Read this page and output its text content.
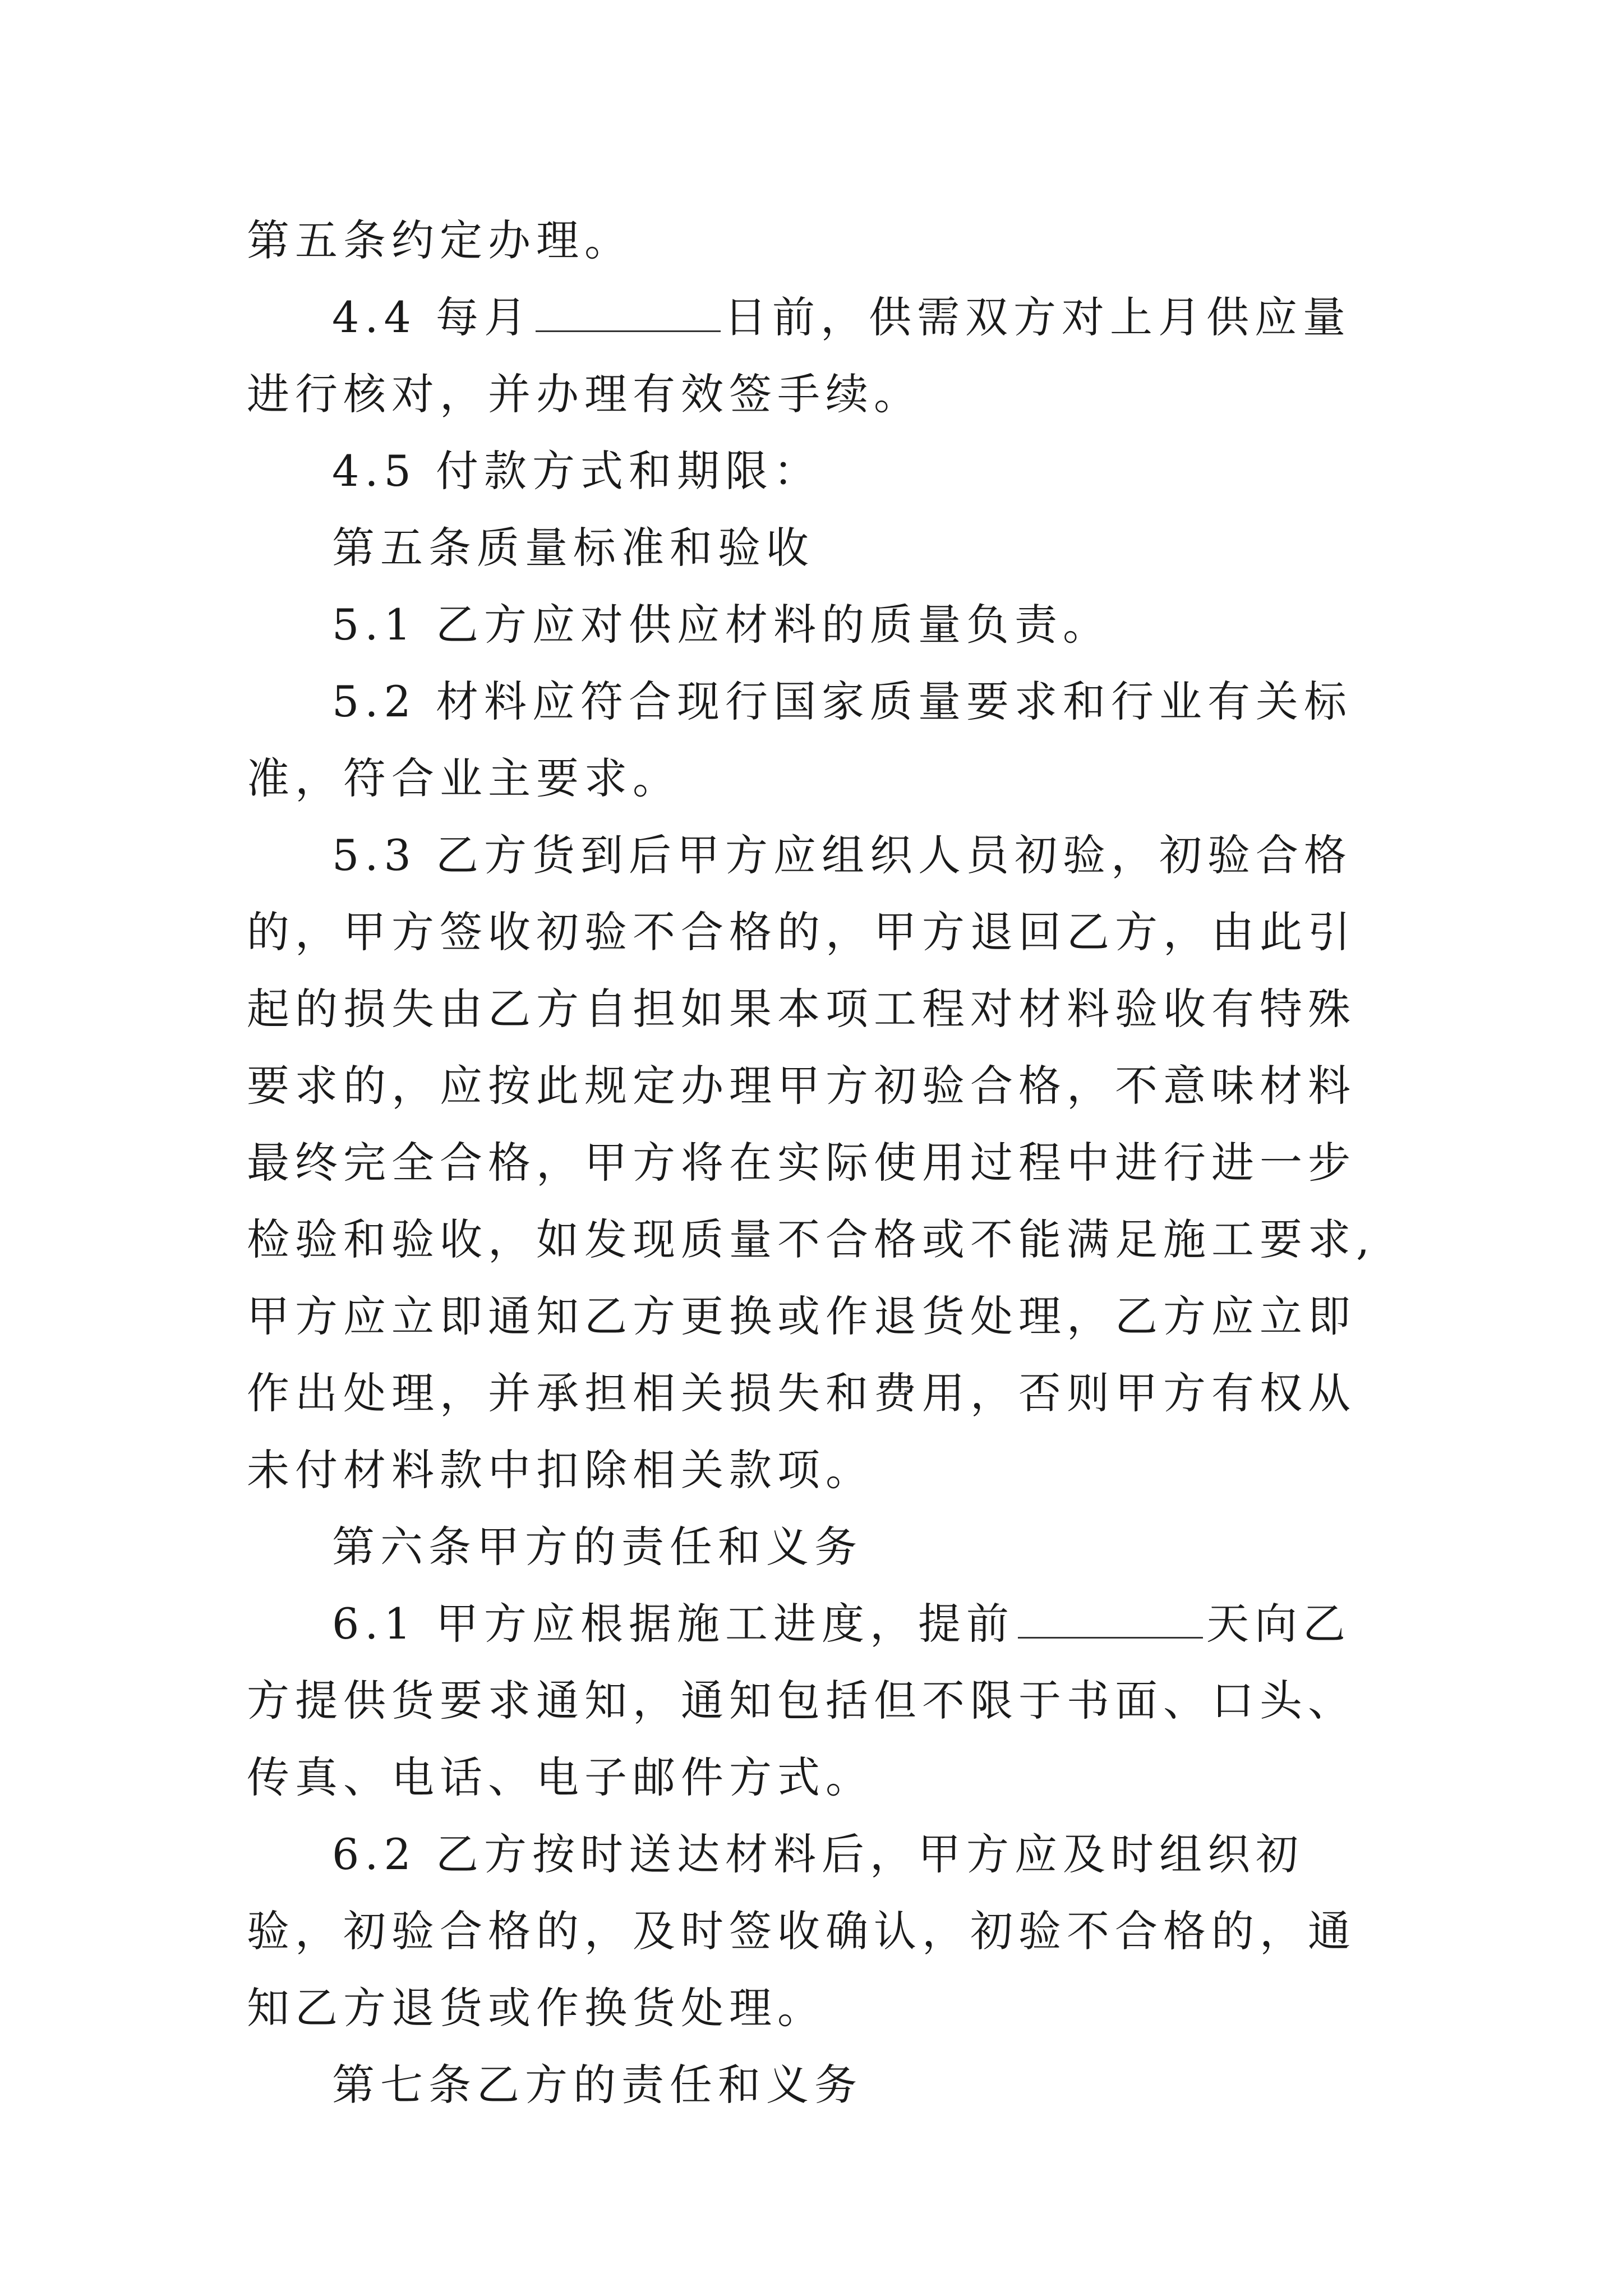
第五条约定办理。

4.4 每月	日前，供需双方对上月供应量进行核对，并办理有效签手续。

4.5 付款方式和期限：

第五条质量标准和验收

5.1 乙方应对供应材料的质量负责。

5.2 材料应符合现行国家质量要求和行业有关标准，符合业主要求。

5.3 乙方货到后甲方应组织人员初验，初验合格的，甲方签收初验不合格的，甲方退回乙方，由此引起的损失由乙方自担如果本项工程对材料验收有特殊要求的，应按此规定办理甲方初验合格，不意味材料最终完全合格，甲方将在实际使用过程中进行进一步检验和验收，如发现质量不合格或不能满足施工要求,甲方应立即通知乙方更换或作退货处理，乙方应立即作出处理，并承担相关损失和费用，否则甲方有权从未付材料款中扣除相关款项。

第六条甲方的责任和义务

6.1 甲方应根据施工进度，提前	天向乙方提供货要求通知，通知包括但不限于书面、口头、传真、电话、电子邮件方式。

6.2 乙方按时送达材料后，甲方应及时组织初验，初验合格的，及时签收确认，初验不合格的，通知乙方退货或作换货处理。

第七条乙方的责任和义务
